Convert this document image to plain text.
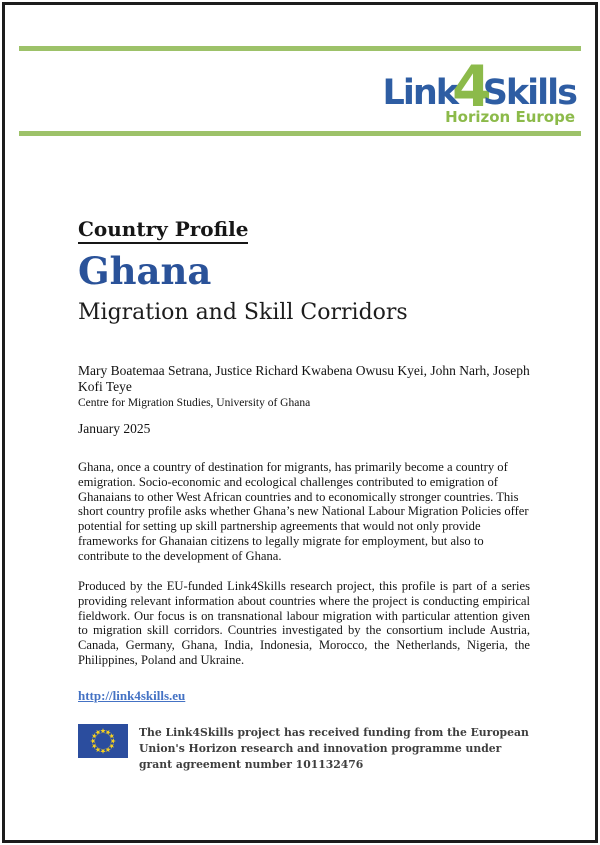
Link
4
Skills
Horizon Europe
Country Profile
Ghana
Migration and Skill Corridors

Mary Boatemaa Setrana, Justice Richard Kwabena Owusu Kyei, John Narh, Joseph Kofi Teye

Centre for Migration Studies, University of Ghana

January 2025

Ghana, once a country of destination for migrants, has primarily become a country of emigration. Socio-economic and ecological challenges contributed to emigration of Ghanaians to other West African countries and to economically stronger countries. This short country profile asks whether Ghana’s new National Labour Migration Policies offer potential for setting up skill partnership agreements that would not only provide frameworks for Ghanaian citizens to legally migrate for employment, but also to contribute to the development of Ghana.

Produced by the EU-funded Link4Skills research project, this profile is part of a series providing relevant information about countries where the project is conducting empirical fieldwork. Our focus is on transnational labour migration with particular attention given to migration skill corridors. Countries investigated by the consortium include Austria, Canada, Germany, Ghana, India, Indonesia, Morocco, the Netherlands, Nigeria, the Philippines, Poland and Ukraine.

http://link4skills.eu

The Link4Skills project has received funding from the European Union's Horizon research and innovation programme under grant agreement number 101132476
